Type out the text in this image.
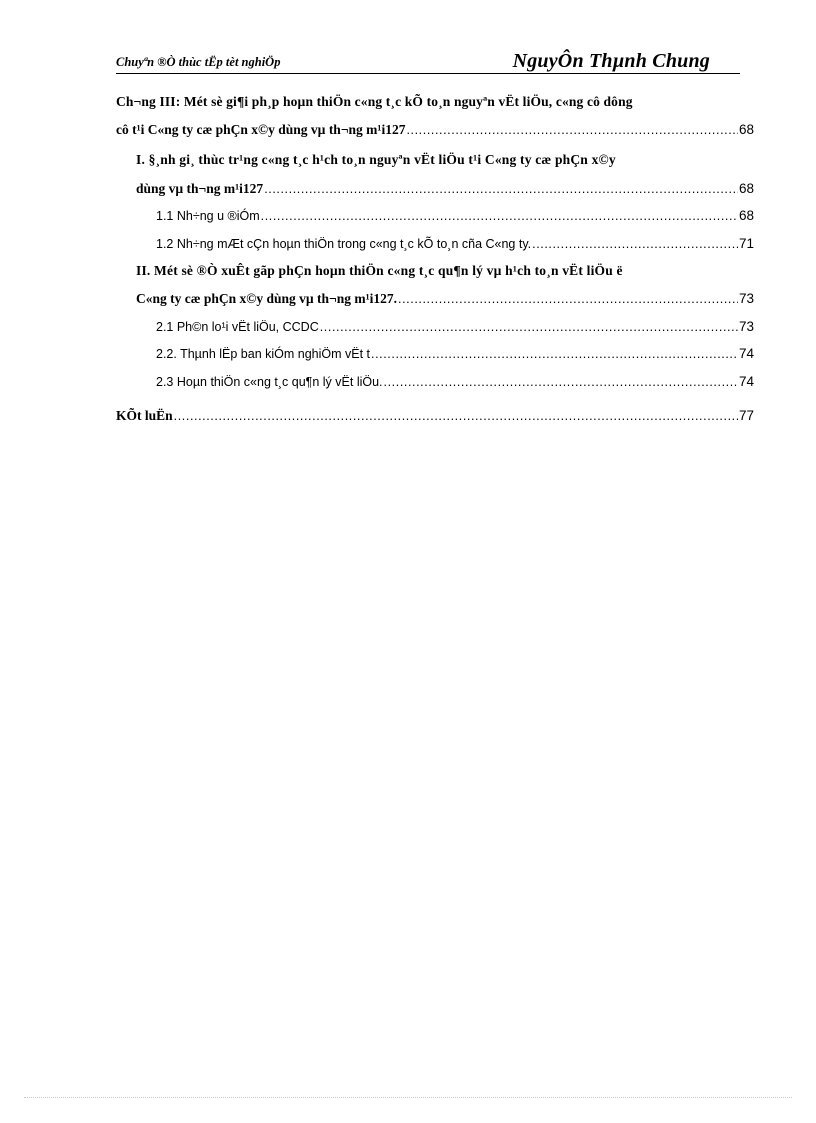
Chuyªn ®Ò thùc tËp tèt nghiÖp	NguyÔn Thµnh Chung
Ch¬ng III: Mét sè gi¶i ph¸p hoµn thiÖn c«ng t¸c kÕ to¸n nguyªn vËt liÖu, c«ng cô dông
cô t¹i C«ng ty cæ phÇn x©y dùng vµ th¬ng m¹i127 .....	68
I. §¸nh gi¸ thùc tr¹ng c«ng t¸c h¹ch to¸n nguyªn vËt liÖu t¹i C«ng ty cæ phÇn x©y
dùng vµ th¬ng m¹i127 .....	68
1.1 Nh÷ng u ®iÓm .....	68
1.2 Nh÷ng mÆt cÇn hoµn thiÖn trong c«ng t¸c kÕ to¸n cña C«ng ty. .....	71
II. Mét sè ®Ò xuÊt gãp phÇn hoµn thiÖn c«ng t¸c qu¶n lý vµ h¹ch to¸n vËt liÖu ë
C«ng ty cæ phÇn x©y dùng vµ th¬ng m¹i127. .....	73
2.1 Ph©n lo¹i vËt liÖu, CCDC .....	73
2.2. Thµnh lËp ban kiÓm nghiÖm vËt t .....	74
2.3 Hoµn thiÖn c«ng t¸c qu¶n lý vËt liÖu. .....	74
KÕt luËn .....	77
